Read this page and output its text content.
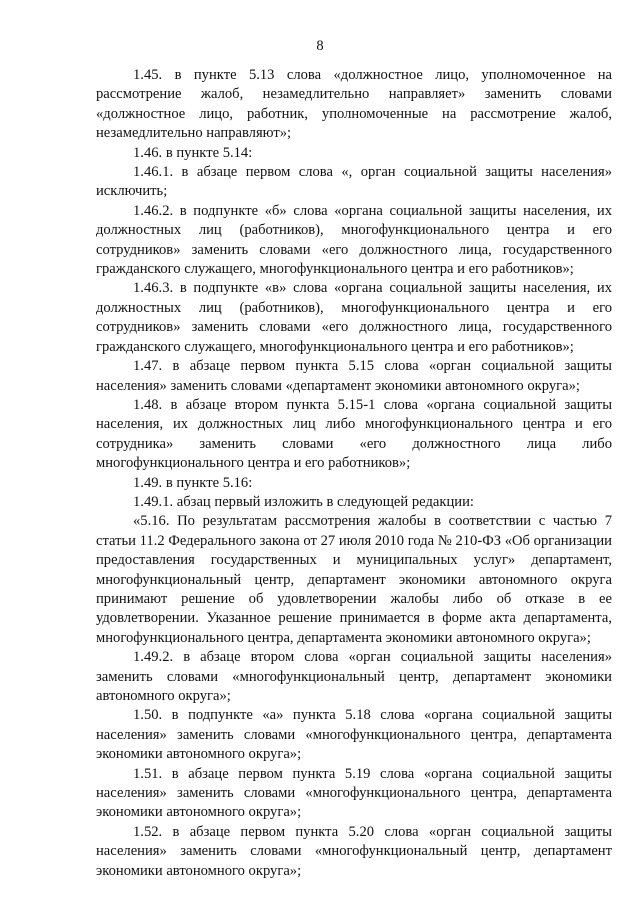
8

1.45. в пункте 5.13 слова «должностное лицо, уполномоченное на рассмотрение жалоб, незамедлительно направляет» заменить словами «должностное лицо, работник, уполномоченные на рассмотрение жалоб, незамедлительно направляют»;

1.46. в пункте 5.14:

1.46.1. в абзаце первом слова «, орган социальной защиты населения» исключить;

1.46.2. в подпункте «б» слова «органа социальной защиты населения, их должностных лиц (работников), многофункционального центра и его сотрудников» заменить словами «его должностного лица, государственного гражданского служащего, многофункционального центра и его работников»;

1.46.3. в подпункте «в» слова «органа социальной защиты населения, их должностных лиц (работников), многофункционального центра и его сотрудников» заменить словами «его должностного лица, государственного гражданского служащего, многофункционального центра и его работников»;

1.47. в абзаце первом пункта 5.15 слова «орган социальной защиты населения» заменить словами «департамент экономики автономного округа»;

1.48. в абзаце втором пункта 5.15-1 слова «органа социальной защиты населения, их должностных лиц либо многофункционального центра и его сотрудника» заменить словами «его должностного лица либо многофункционального центра и его работников»;

1.49. в пункте 5.16:

1.49.1. абзац первый изложить в следующей редакции:

«5.16. По результатам рассмотрения жалобы в соответствии с частью 7 статьи 11.2 Федерального закона от 27 июля 2010 года № 210-ФЗ «Об организации предоставления государственных и муниципальных услуг» департамент, многофункциональный центр, департамент экономики автономного округа принимают решение об удовлетворении жалобы либо об отказе в ее удовлетворении. Указанное решение принимается в форме акта департамента, многофункционального центра, департамента экономики автономного округа»;

1.49.2. в абзаце втором слова «орган социальной защиты населения» заменить словами «многофункциональный центр, департамент экономики автономного округа»;

1.50. в подпункте «а» пункта 5.18 слова «органа социальной защиты населения» заменить словами «многофункционального центра, департамента экономики автономного округа»;

1.51. в абзаце первом пункта 5.19 слова «органа социальной защиты населения» заменить словами «многофункционального центра, департамента экономики автономного округа»;

1.52. в абзаце первом пункта 5.20 слова «орган социальной защиты населения» заменить словами «многофункциональный центр, департамент экономики автономного округа»;
